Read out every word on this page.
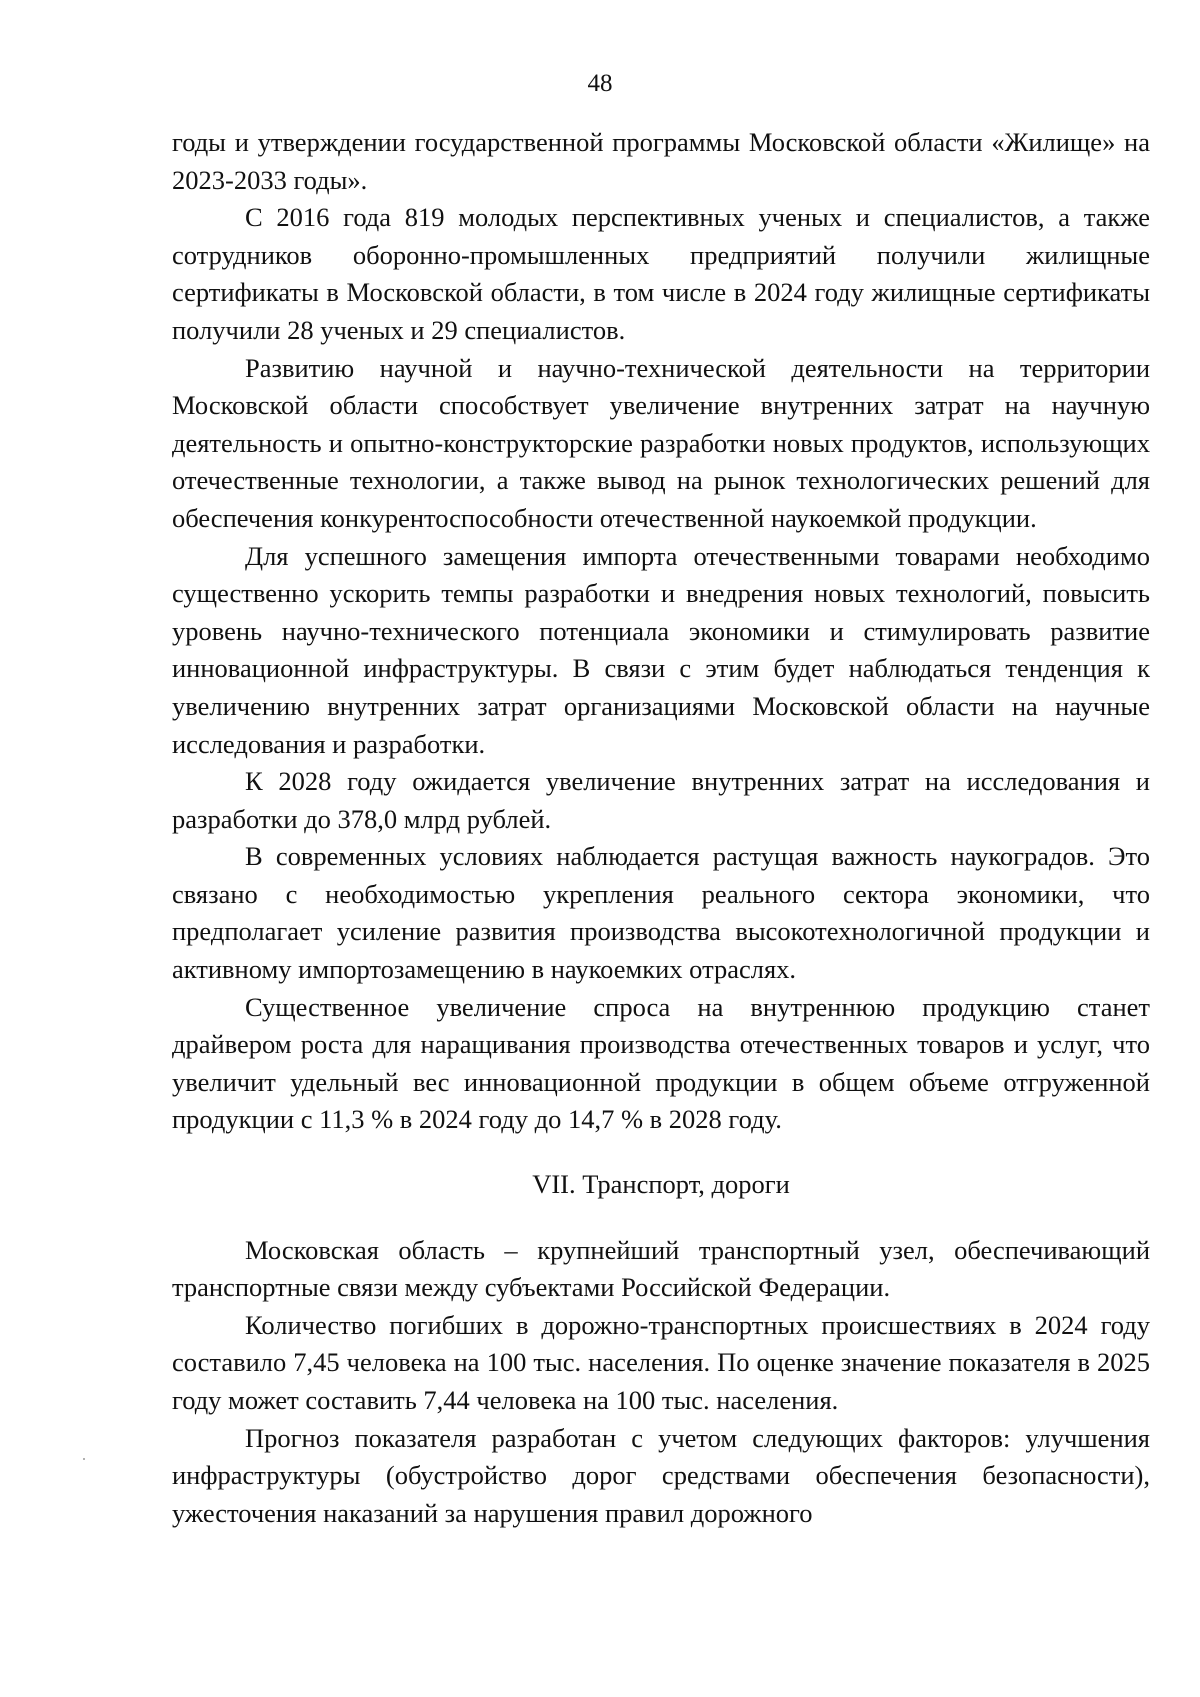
48

годы и утверждении государственной программы Московской области «Жилище» на 2023-2033 годы».

С 2016 года 819 молодых перспективных ученых и специалистов, а также сотрудников оборонно-промышленных предприятий получили жилищные сертификаты в Московской области, в том числе в 2024 году жилищные сертификаты получили 28 ученых и 29 специалистов.

Развитию научной и научно-технической деятельности на территории Московской области способствует увеличение внутренних затрат на научную деятельность и опытно-конструкторские разработки новых продуктов, использующих отечественные технологии, а также вывод на рынок технологических решений для обеспечения конкурентоспособности отечественной наукоемкой продукции.

Для успешного замещения импорта отечественными товарами необходимо существенно ускорить темпы разработки и внедрения новых технологий, повысить уровень научно-технического потенциала экономики и стимулировать развитие инновационной инфраструктуры. В связи с этим будет наблюдаться тенденция к увеличению внутренних затрат организациями Московской области на научные исследования и разработки.

К 2028 году ожидается увеличение внутренних затрат на исследования и разработки до 378,0 млрд рублей.

В современных условиях наблюдается растущая важность наукоградов. Это связано с необходимостью укрепления реального сектора экономики, что предполагает усиление развития производства высокотехнологичной продукции и активному импортозамещению в наукоемких отраслях.

Существенное увеличение спроса на внутреннюю продукцию станет драйвером роста для наращивания производства отечественных товаров и услуг, что увеличит удельный вес инновационной продукции в общем объеме отгруженной продукции с 11,3 % в 2024 году до 14,7 % в 2028 году.

VII. Транспорт, дороги

Московская область – крупнейший транспортный узел, обеспечивающий транспортные связи между субъектами Российской Федерации.

Количество погибших в дорожно-транспортных происшествиях в 2024 году составило 7,45 человека на 100 тыс. населения. По оценке значение показателя в 2025 году может составить 7,44 человека на 100 тыс. населения.

Прогноз показателя разработан с учетом следующих факторов: улучшения инфраструктуры (обустройство дорог средствами обеспечения безопасности), ужесточения наказаний за нарушения правил дорожного
